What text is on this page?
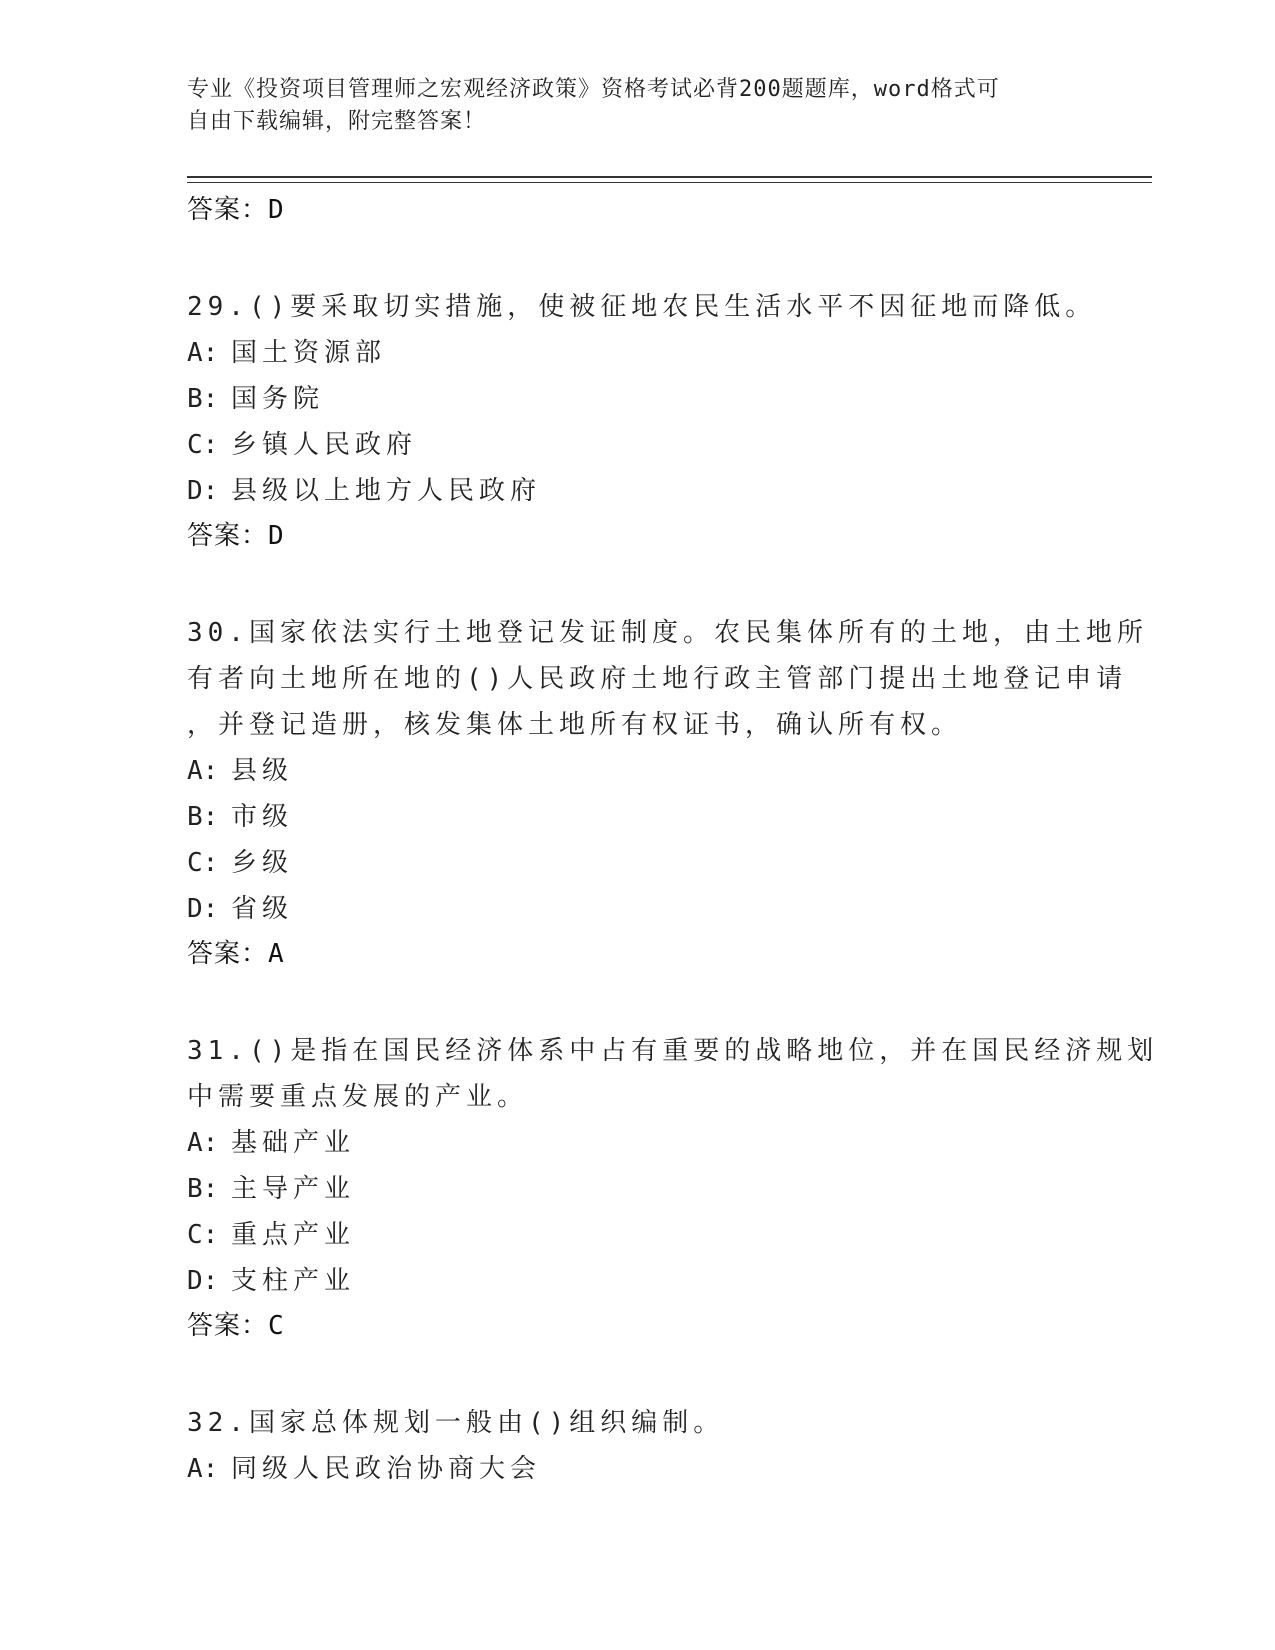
专业《投资项目管理师之宏观经济政策》资格考试必背200题题库，word格式可
自由下载编辑，附完整答案！
答案：D
29.()要采取切实措施，使被征地农民生活水平不因征地而降低。
A: 国土资源部
B: 国务院
C: 乡镇人民政府
D: 县级以上地方人民政府
答案：D
30.国家依法实行土地登记发证制度。农民集体所有的土地，由土地所
有者向土地所在地的()人民政府土地行政主管部门提出土地登记申请
，并登记造册，核发集体土地所有权证书，确认所有权。
A: 县级
B: 市级
C: 乡级
D: 省级
答案：A
31.()是指在国民经济体系中占有重要的战略地位，并在国民经济规划
中需要重点发展的产业。
A: 基础产业
B: 主导产业
C: 重点产业
D: 支柱产业
答案：C
32.国家总体规划一般由()组织编制。
A: 同级人民政治协商大会
